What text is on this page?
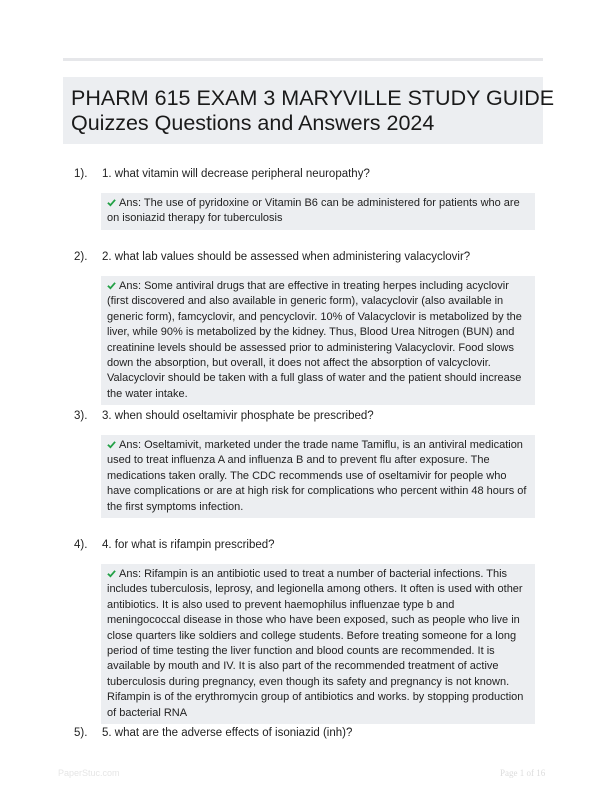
PHARM 615 EXAM 3 MARYVILLE STUDY GUIDE
Quizzes Questions and Answers 2024
1). 1. what vitamin will decrease peripheral neuropathy?
Ans: The use of pyridoxine or Vitamin B6 can be administered for patients who are on isoniazid therapy for tuberculosis
2). 2. what lab values should be assessed when administering valacyclovir?
Ans: Some antiviral drugs that are effective in treating herpes including acyclovir (first discovered and also available in generic form), valacyclovir (also available in generic form), famcyclovir, and pencyclovir. 10% of Valacyclovir is metabolized by the liver, while 90% is metabolized by the kidney. Thus, Blood Urea Nitrogen (BUN) and creatinine levels should be assessed prior to administering Valacyclovir. Food slows down the absorption, but overall, it does not affect the absorption of valcyclovir. Valacyclovir should be taken with a full glass of water and the patient should increase the water intake.
3). 3. when should oseltamivir phosphate be prescribed?
Ans: Oseltamivit, marketed under the trade name Tamiflu, is an antiviral medication used to treat influenza A and influenza B and to prevent flu after exposure. The medications taken orally. The CDC recommends use of oseltamivir for people who have complications or are at high risk for complications who percent within 48 hours of the first symptoms infection.
4). 4. for what is rifampin prescribed?
Ans: Rifampin is an antibiotic used to treat a number of bacterial infections. This includes tuberculosis, leprosy, and legionella among others. It often is used with other antibiotics. It is also used to prevent haemophilus influenzae type b and meningococcal disease in those who have been exposed, such as people who live in close quarters like soldiers and college students. Before treating someone for a long period of time testing the liver function and blood counts are recommended. It is available by mouth and IV. It is also part of the recommended treatment of active tuberculosis during pregnancy, even though its safety and pregnancy is not known. Rifampin is of the erythromycin group of antibiotics and works. by stopping production of bacterial RNA
5). 5. what are the adverse effects of isoniazid (inh)?
PaperStuc.com	Page 1 of 16
